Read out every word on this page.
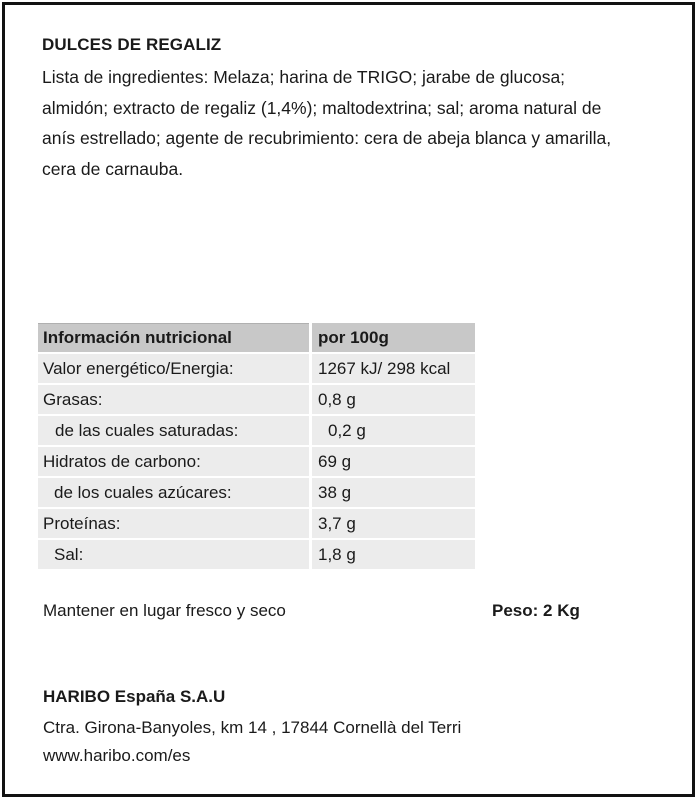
DULCES DE REGALIZ

Lista de ingredientes: Melaza; harina de TRIGO; jarabe de glucosa;

almidón; extracto de regaliz (1,4%); maltodextrina; sal; aroma natural de

anís estrellado; agente de recubrimiento: cera de abeja blanca y amarilla,

cera de carnauba.

Información nutricional	por 100g
Valor energético/Energia:	1267 kJ/ 298 kcal
Grasas:	0,8 g
de las cuales saturadas:	0,2 g
Hidratos de carbono:	69 g
de los cuales azúcares:	38 g
Proteínas:	3,7 g
Sal:	1,8 g
Mantener en lugar fresco y seco	Peso: 2 Kg
HARIBO España S.A.U
Ctra. Girona-Banyoles, km 14 , 17844 Cornellà del Terri
www.haribo.com/es
